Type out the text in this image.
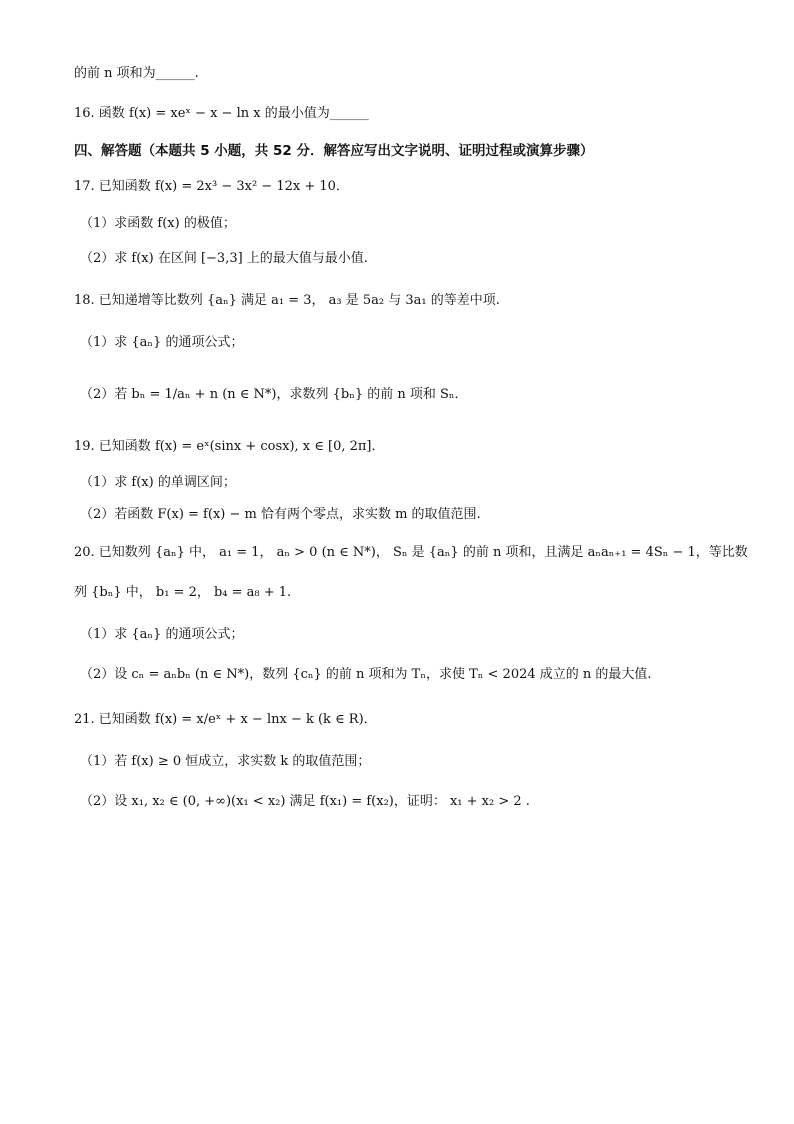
的前 n 项和为______.
16. 函数 f(x) = xeˣ − x − ln x 的最小值为______
四、解答题（本题共 5 小题，共 52 分．解答应写出文字说明、证明过程或演算步骤）
17. 已知函数 f(x) = 2x³ − 3x² − 12x + 10．
（1）求函数 f(x) 的极值；
（2）求 f(x) 在区间 [−3,3] 上的最大值与最小值.
18. 已知递增等比数列 {aₙ} 满足 a₁ = 3， a₃ 是 5a₂ 与 3a₁ 的等差中项.
（1）求 {aₙ} 的通项公式；
（2）若 bₙ = 1/aₙ + n (n ∈ N*)，求数列 {bₙ} 的前 n 项和 Sₙ．
19. 已知函数 f(x) = eˣ(sinx + cosx), x ∈ [0, 2π]．
（1）求 f(x) 的单调区间；
（2）若函数 F(x) = f(x) − m 恰有两个零点，求实数 m 的取值范围.
20. 已知数列 {aₙ} 中， a₁ = 1， aₙ > 0 (n ∈ N*)， Sₙ 是 {aₙ} 的前 n 项和，且满足 aₙaₙ₊₁ = 4Sₙ − 1，等比数
列 {bₙ} 中， b₁ = 2， b₄ = a₈ + 1.
（1）求 {aₙ} 的通项公式；
（2）设 cₙ = aₙbₙ (n ∈ N*)，数列 {cₙ} 的前 n 项和为 Tₙ，求使 Tₙ < 2024 成立的 n 的最大值.
21. 已知函数 f(x) = x/eˣ + x − lnx − k (k ∈ R)．
（1）若 f(x) ≥ 0 恒成立，求实数 k 的取值范围；
（2）设 x₁, x₂ ∈ (0, +∞)(x₁ < x₂) 满足 f(x₁) = f(x₂)，证明： x₁ + x₂ > 2 .
